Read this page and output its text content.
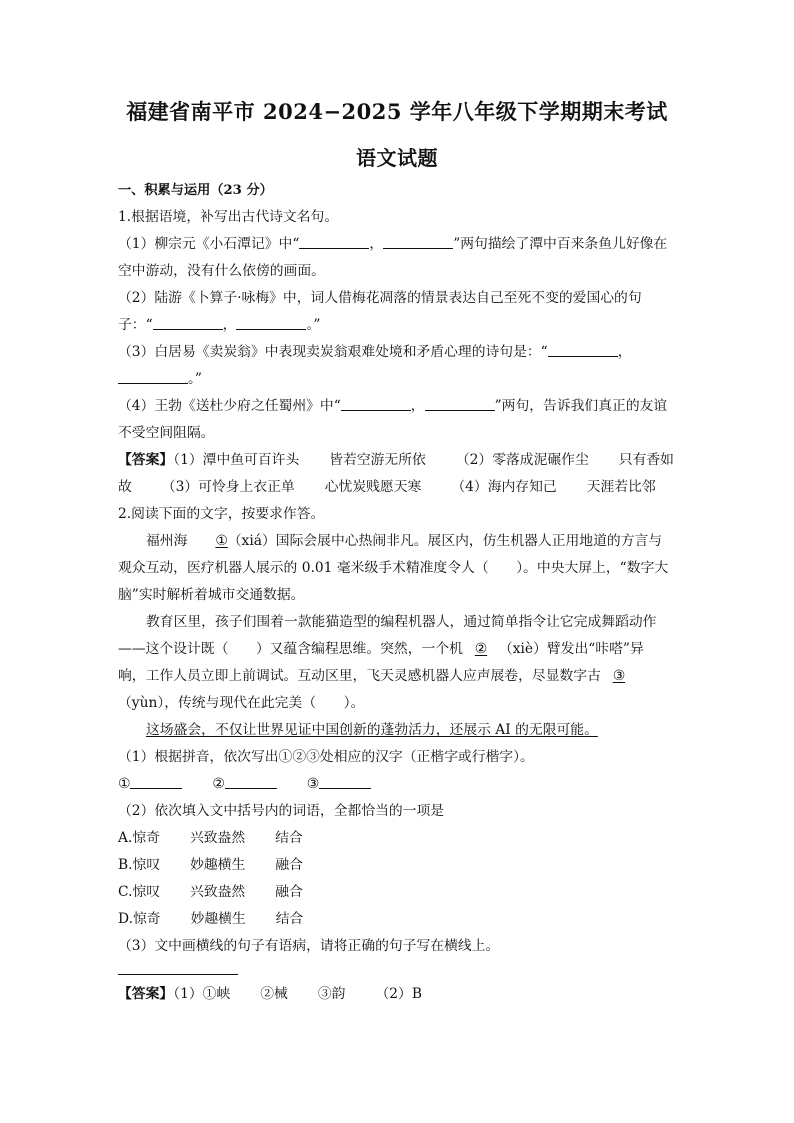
福建省南平市 2024−2025 学年八年级下学期期末考试
语文试题

一、积累与运用（23 分）

1.根据语境，补写出古代诗文名句。

（1）柳宗元《小石潭记》中“	，	”两句描绘了潭中百来条鱼儿好像在

空中游动，没有什么依傍的画面。

（2）陆游《卜算子·咏梅》中，词人借梅花凋落的情景表达自己至死不变的爱国心的句

子：“	，	。”

（3）白居易《卖炭翁》中表现卖炭翁艰难处境和矛盾心理的诗句是：“	，

。”

（4）王勃《送杜少府之任蜀州》中“	，	”两句，告诉我们真正的友谊

不受空间阻隔。

【答案】（1）潭中鱼可百许头 皆若空游无所依 （2）零落成泥碾作尘 只有香如

故 （3）可怜身上衣正单 心忧炭贱愿天寒 （4）海内存知己 天涯若比邻

2.阅读下面的文字，按要求作答。

福州海 ①（xiá）国际会展中心热闹非凡。展区内，仿生机器人正用地道的方言与

观众互动，医疗机器人展示的 0.01 毫米级手术精准度令人（　　）。中央大屏上，“数字大

脑”实时解析着城市交通数据。

教育区里，孩子们围着一款能猫造型的编程机器人，通过简单指令让它完成舞蹈动作

——这个设计既（　　）又蕴含编程思维。突然，一个机 ② （xiè）臂发出“咔嗒”异

响，工作人员立即上前调试。互动区里，飞天灵感机器人应声展卷，尽显数字古 ③

（yùn），传统与现代在此完美（　　）。

这场盛会，不仅让世界见证中国创新的蓬勃活力，还展示 AI 的无限可能。

（1）根据拼音，依次写出①②③处相应的汉字（正楷字或行楷字）。

①	②	③

（2）依次填入文中括号内的词语，全都恰当的一项是

A.惊奇 兴致盎然 结合

B.惊叹 妙趣横生 融合

C.惊叹 兴致盎然 融合

D.惊奇 妙趣横生 结合

（3）文中画横线的句子有语病，请将正确的句子写在横线上。

【答案】（1）①峡 ②械 ③韵 （2）B
